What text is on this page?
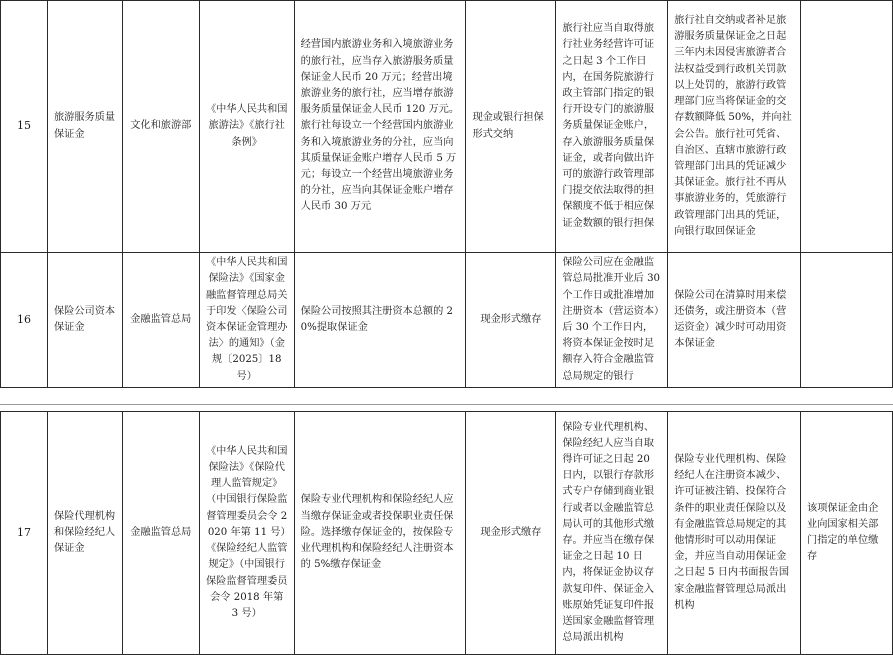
15	旅游服务质量保证金	文化和旅游部	《中华人民共和国旅游法》《旅行社条例》	经营国内旅游业务和入境旅游业务的旅行社，应当存入旅游服务质量保证金人民币 20 万元；经营出境旅游业务的旅行社，应当增存旅游服务质量保证金人民币 120 万元。旅行社每设立一个经营国内旅游业务和入境旅游业务的分社，应当向其质量保证金账户增存人民币 5 万元；每设立一个经营出境旅游业务的分社，应当向其保证金账户增存人民币 30 万元	现金或银行担保形式交纳	旅行社应当自取得旅行社业务经营许可证之日起 3 个工作日内，在国务院旅游行政主管部门指定的银行开设专门的旅游服务质量保证金账户，存入旅游服务质量保证金，或者向做出许可的旅游行政管理部门提交依法取得的担保额度不低于相应保证金数额的银行担保	旅行社自交纳或者补足旅游服务质量保证金之日起三年内未因侵害旅游者合法权益受到行政机关罚款以上处罚的，旅游行政管理部门应当将保证金的交存数额降低 50%，并向社会公告。旅行社可凭省、自治区、直辖市旅游行政管理部门出具的凭证减少其保证金。旅行社不再从事旅游业务的，凭旅游行政管理部门出具的凭证，向银行取回保证金	
16	保险公司资本保证金	金融监管总局	《中华人民共和国保险法》《国家金融监督管理总局关于印发〈保险公司资本保证金管理办法〉的通知》（金规〔2025〕18 号）	保险公司按照其注册资本总额的 20%提取保证金	现金形式缴存	保险公司应在金融监管总局批准开业后 30 个工作日或批准增加注册资本（营运资本）后 30 个工作日内，将资本保证金按时足额存入符合金融监管总局规定的银行	保险公司在清算时用来偿还债务，或注册资本（营运资金）减少时可动用资本保证金	
17	保险代理机构和保险经纪人保证金	金融监管总局	《中华人民共和国保险法》《保险代理人监管规定》（中国银行保险监督管理委员会令 2020 年第 11 号）《保险经纪人监管规定》（中国银行保险监督管理委员会令 2018 年第 3 号）	保险专业代理机构和保险经纪人应当缴存保证金或者投保职业责任保险。选择缴存保证金的，按保险专业代理机构和保险经纪人注册资本的 5%缴存保证金	现金形式缴存	保险专业代理机构、保险经纪人应当自取得许可证之日起 20 日内，以银行存款形式专户存储到商业银行或者以金融监管总局认可的其他形式缴存。并应当在缴存保证金之日起 10 日内，将保证金协议存款复印件、保证金入账原始凭证复印件报送国家金融监督管理总局派出机构	保险专业代理机构、保险经纪人在注册资本减少、许可证被注销、投保符合条件的职业责任保险以及有金融监管总局规定的其他情形时可以动用保证金，并应当自动用保证金之日起 5 日内书面报告国家金融监督管理总局派出机构	该项保证金由企业向国家相关部门指定的单位缴存
